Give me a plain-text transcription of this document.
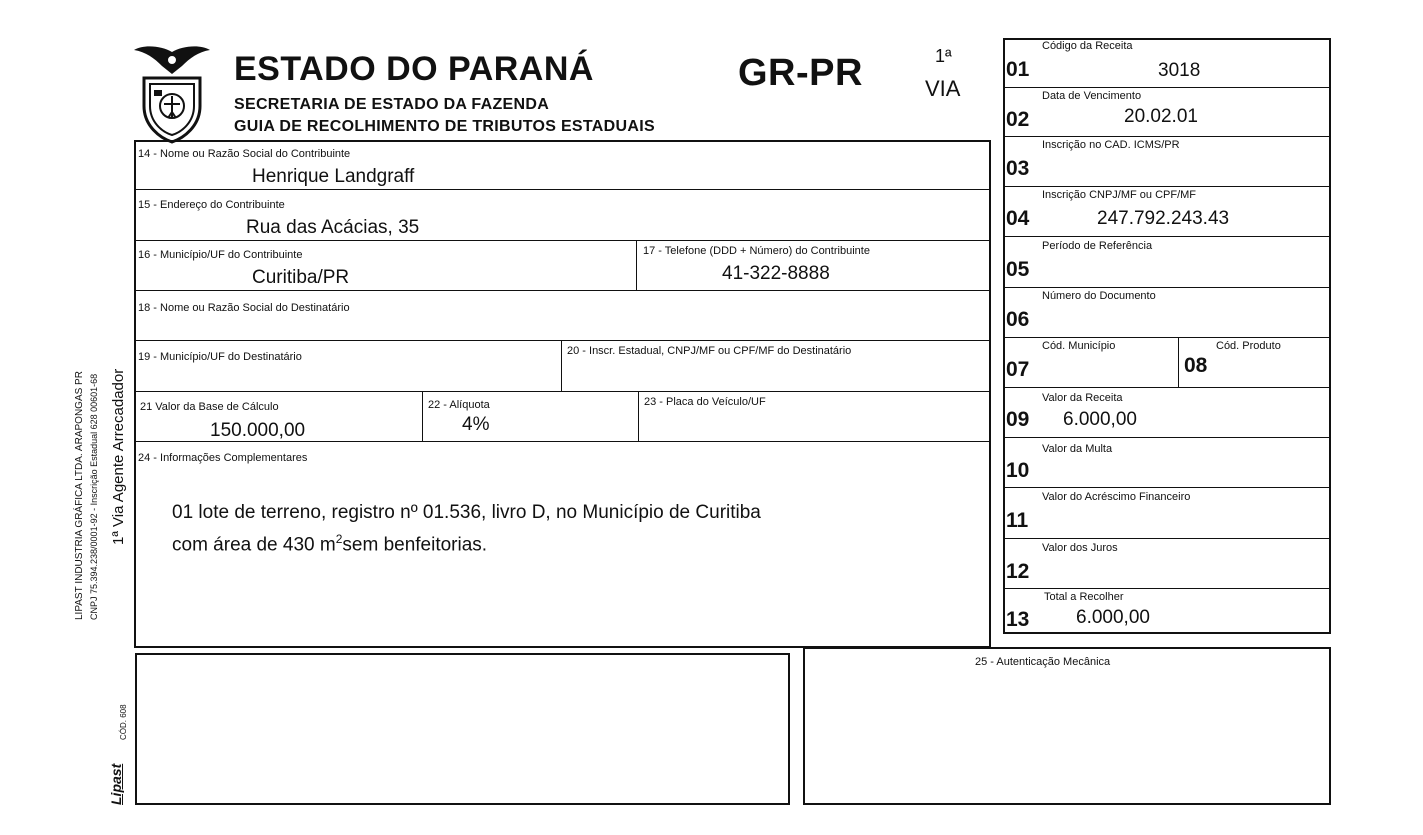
ESTADO DO PARANÁ
SECRETARIA DE ESTADO DA FAZENDA
GUIA DE RECOLHIMENTO DE TRIBUTOS ESTADUAIS
GR-PR	1ª
VIA
LIPAST INDUSTRIA GRÁFICA LTDA. ARAPONGAS PR CNPJ 75.394.238/0001-92 - Inscrição Estadual 628 00601-68 1ª Via Agente Arrecadador
Lipast
CÓD. 608
14 - Nome ou Razão Social do Contribuinte
Henrique Landgraff
15 - Endereço do Contribuinte
Rua das Acácias, 35
16 - Município/UF do Contribuinte
Curitiba/PR
17 - Telefone (DDD + Número) do Contribuinte
41-322-8888
18 - Nome ou Razão Social do Destinatário
19 - Município/UF do Destinatário	20 - Inscr. Estadual, CNPJ/MF ou CPF/MF do Destinatário
21 Valor da Base de Cálculo
150.000,00
22 - Alíquota
4%
23 - Placa do Veículo/UF
24 - Informações Complementares
01 lote de terreno, registro nº 01.536, livro D, no Município de Curitiba
com área de 430 $m^2sem$ benfeitorias.
25 - Autenticação Mecânica
01
Código da Receita
3018
02
Data de Vencimento
20.02.01
03
Inscrição no CAD. ICMS/PR
04
Inscrição CNPJ/MF ou CPF/MF
247.792.243.43
05
Período de Referência
06
Número do Documento
07
Cód. Município
08
Cód. Produto
09
Valor da Receita
6.000,00
10
Valor da Multa
11
Valor do Acréscimo Financeiro
12
Valor dos Juros
13
Total a Recolher
6.000,00
